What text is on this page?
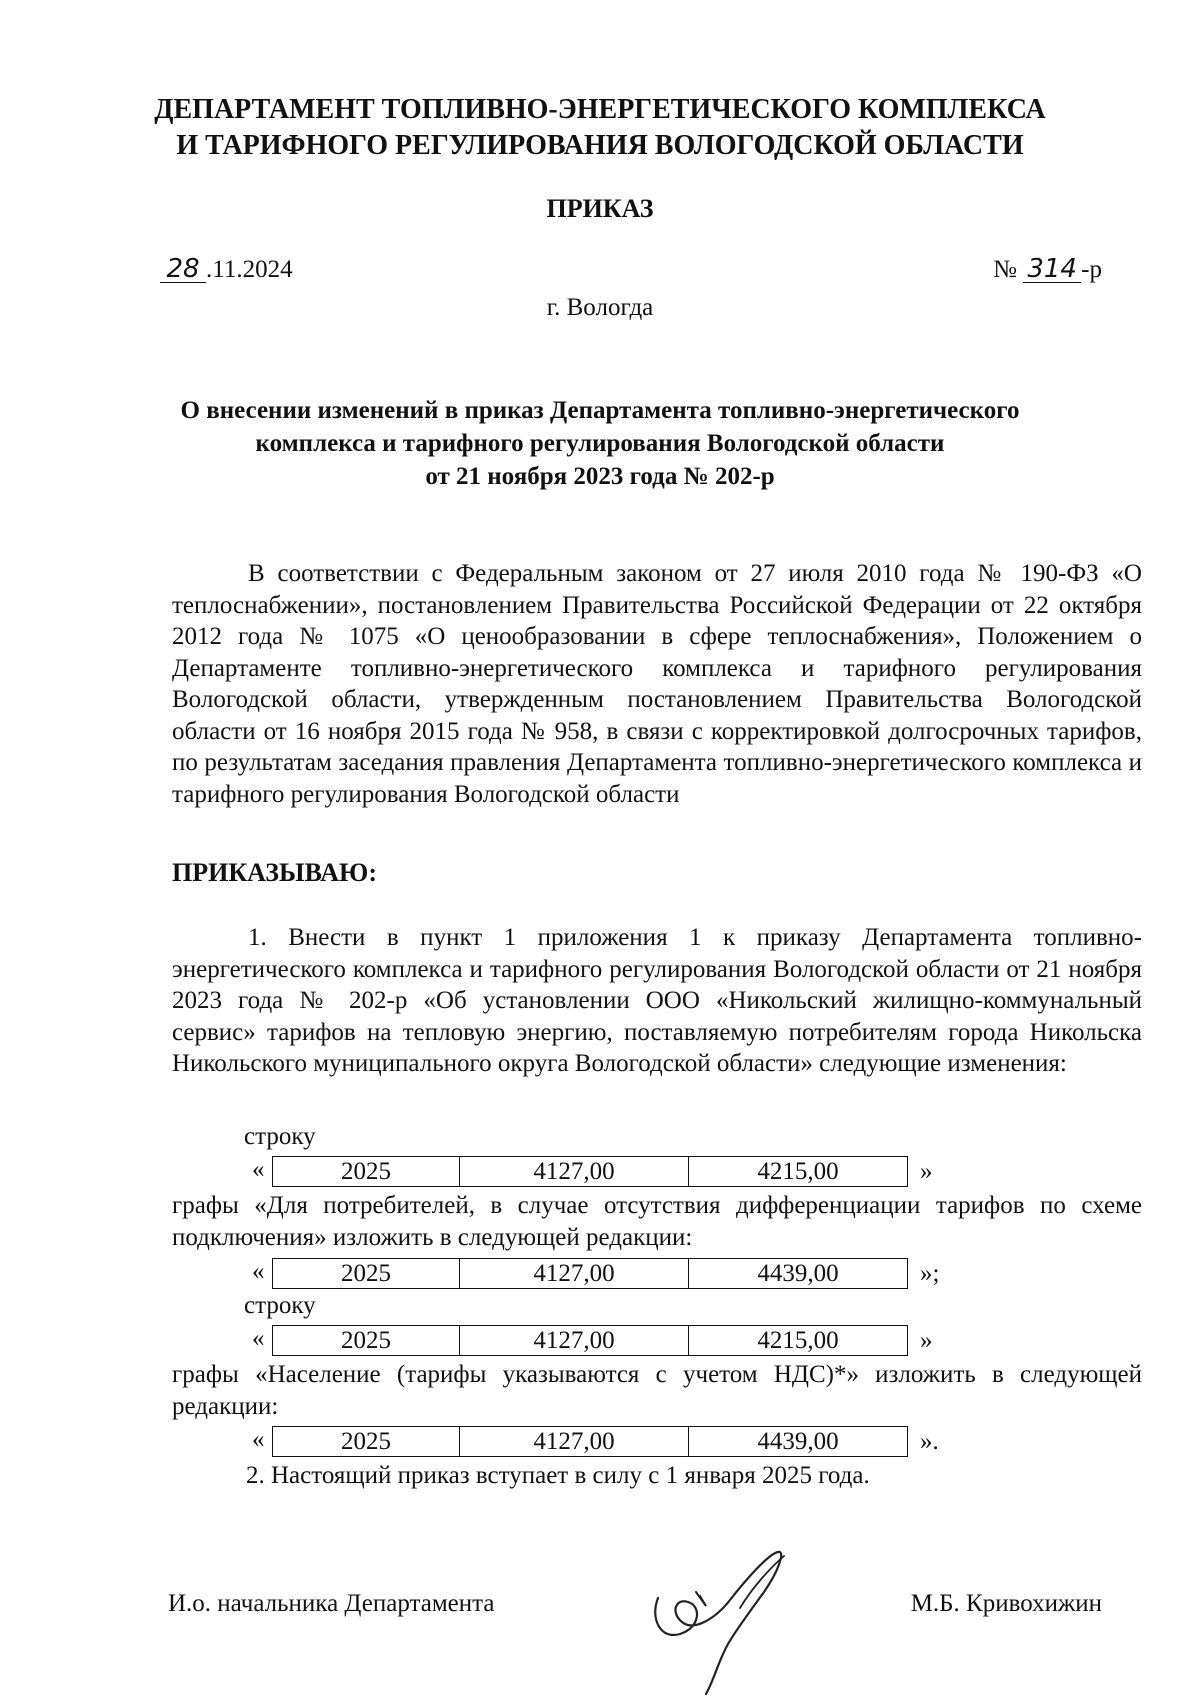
ДЕПАРТАМЕНТ ТОПЛИВНО-ЭНЕРГЕТИЧЕСКОГО КОМПЛЕКСА
И ТАРИФНОГО РЕГУЛИРОВАНИЯ ВОЛОГОДСКОЙ ОБЛАСТИ
ПРИКАЗ
28 .11.2024	№ 314 -р
г. Вологда
О внесении изменений в приказ Департамента топливно-энергетического
комплекса и тарифного регулирования Вологодской области
от 21 ноября 2023 года № 202-р
В соответствии с Федеральным законом от 27 июля 2010 года № 190-ФЗ «О теплоснабжении», постановлением Правительства Российской Федерации от 22 октября 2012 года № 1075 «О ценообразовании в сфере теплоснабжения», Положением о Департаменте топливно-энергетического комплекса и тарифного регулирования Вологодской области, утвержденным постановлением Правительства Вологодской области от 16 ноября 2015 года № 958, в связи с корректировкой долгосрочных тарифов, по результатам заседания правления Департамента топливно-энергетического комплекса и тарифного регулирования Вологодской области
ПРИКАЗЫВАЮ:
1. Внести в пункт 1 приложения 1 к приказу Департамента топливно-энергетического комплекса и тарифного регулирования Вологодской области от 21 ноября 2023 года № 202-р «Об установлении ООО «Никольский жилищно-коммунальный сервис» тарифов на тепловую энергию, поставляемую потребителям города Никольска Никольского муниципального округа Вологодской области» следующие изменения:
строку
«	2025	4127,00	4215,00	»
графы «Для потребителей, в случае отсутствия дифференциации тарифов по схеме подключения» изложить в следующей редакции:
«	2025	4127,00	4439,00	»;
строку
«	2025	4127,00	4215,00	»
графы «Население (тарифы указываются с учетом НДС)*» изложить в следующей редакции:
«	2025	4127,00	4439,00	».
2. Настоящий приказ вступает в силу с 1 января 2025 года.
И.о. начальника Департамента	М.Б. Кривохижин
